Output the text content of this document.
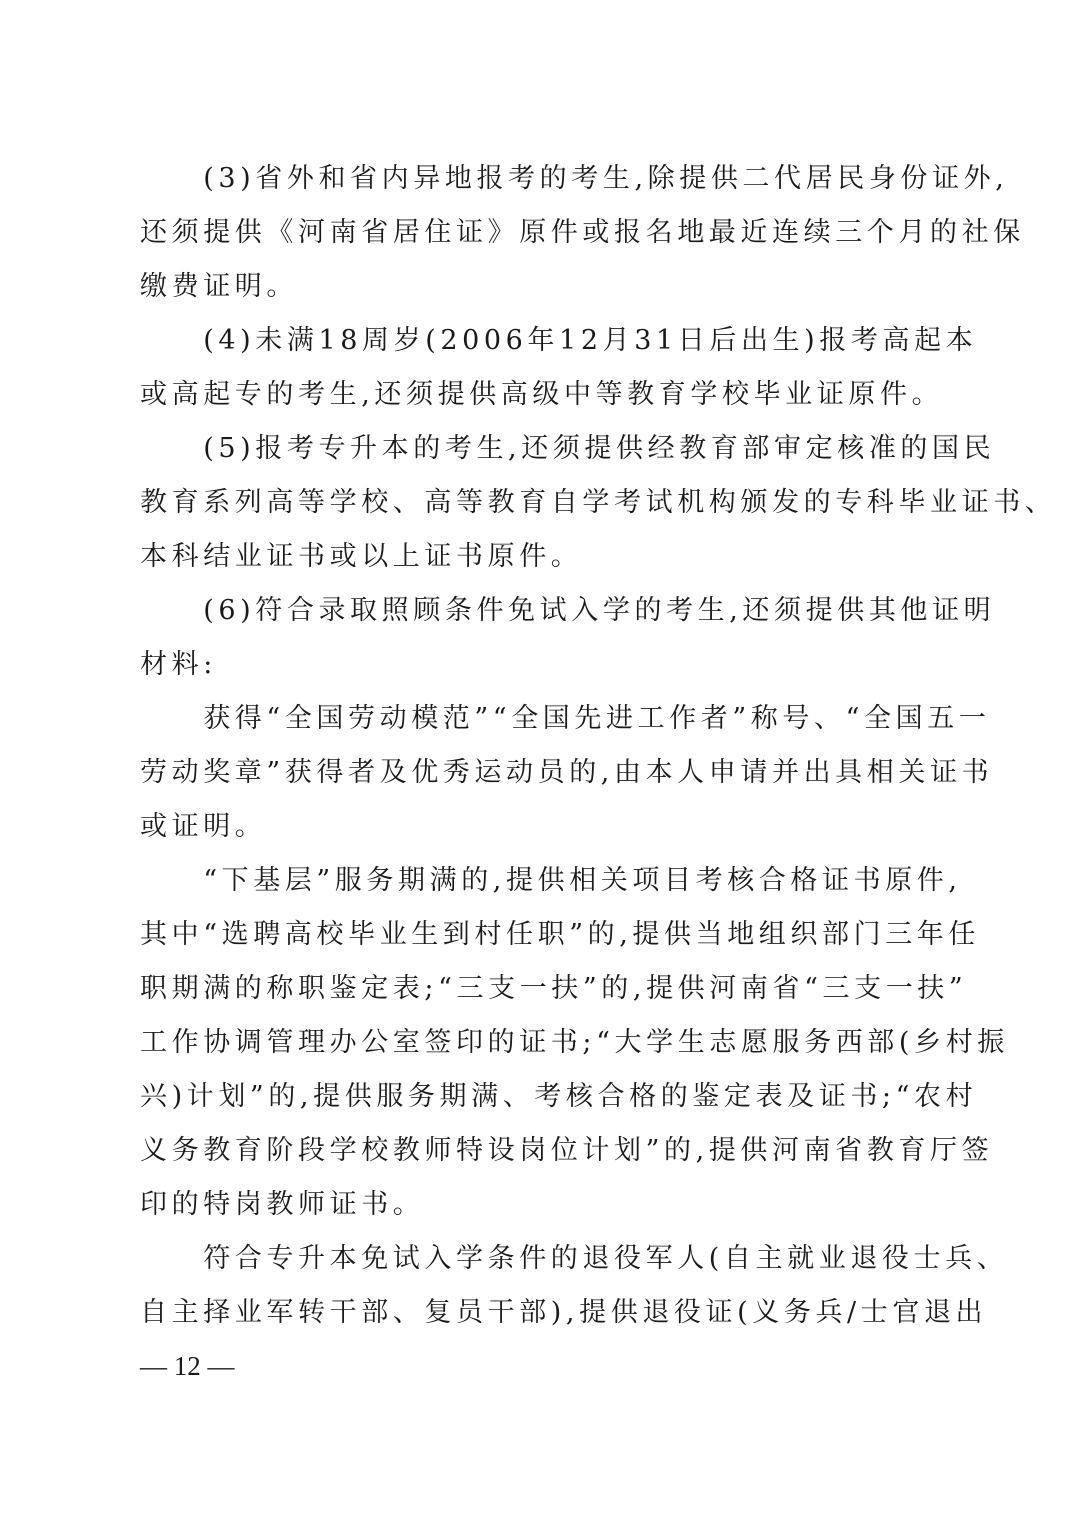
　　(3)省外和省内异地报考的考生,除提供二代居民身份证外,
还须提供《河南省居住证》原件或报名地最近连续三个月的社保
缴费证明。
　　(4)未满18周岁(2006年12月31日后出生)报考高起本
或高起专的考生,还须提供高级中等教育学校毕业证原件。
　　(5)报考专升本的考生,还须提供经教育部审定核准的国民
教育系列高等学校、高等教育自学考试机构颁发的专科毕业证书、
本科结业证书或以上证书原件。
　　(6)符合录取照顾条件免试入学的考生,还须提供其他证明
材料:
　　获得“全国劳动模范”“全国先进工作者”称号、“全国五一
劳动奖章”获得者及优秀运动员的,由本人申请并出具相关证书
或证明。
　　“下基层”服务期满的,提供相关项目考核合格证书原件,
其中“选聘高校毕业生到村任职”的,提供当地组织部门三年任
职期满的称职鉴定表;“三支一扶”的,提供河南省“三支一扶”
工作协调管理办公室签印的证书;“大学生志愿服务西部(乡村振
兴)计划”的,提供服务期满、考核合格的鉴定表及证书;“农村
义务教育阶段学校教师特设岗位计划”的,提供河南省教育厅签
印的特岗教师证书。
　　符合专升本免试入学条件的退役军人(自主就业退役士兵、
自主择业军转干部、复员干部),提供退役证(义务兵/士官退出
— 12 —
